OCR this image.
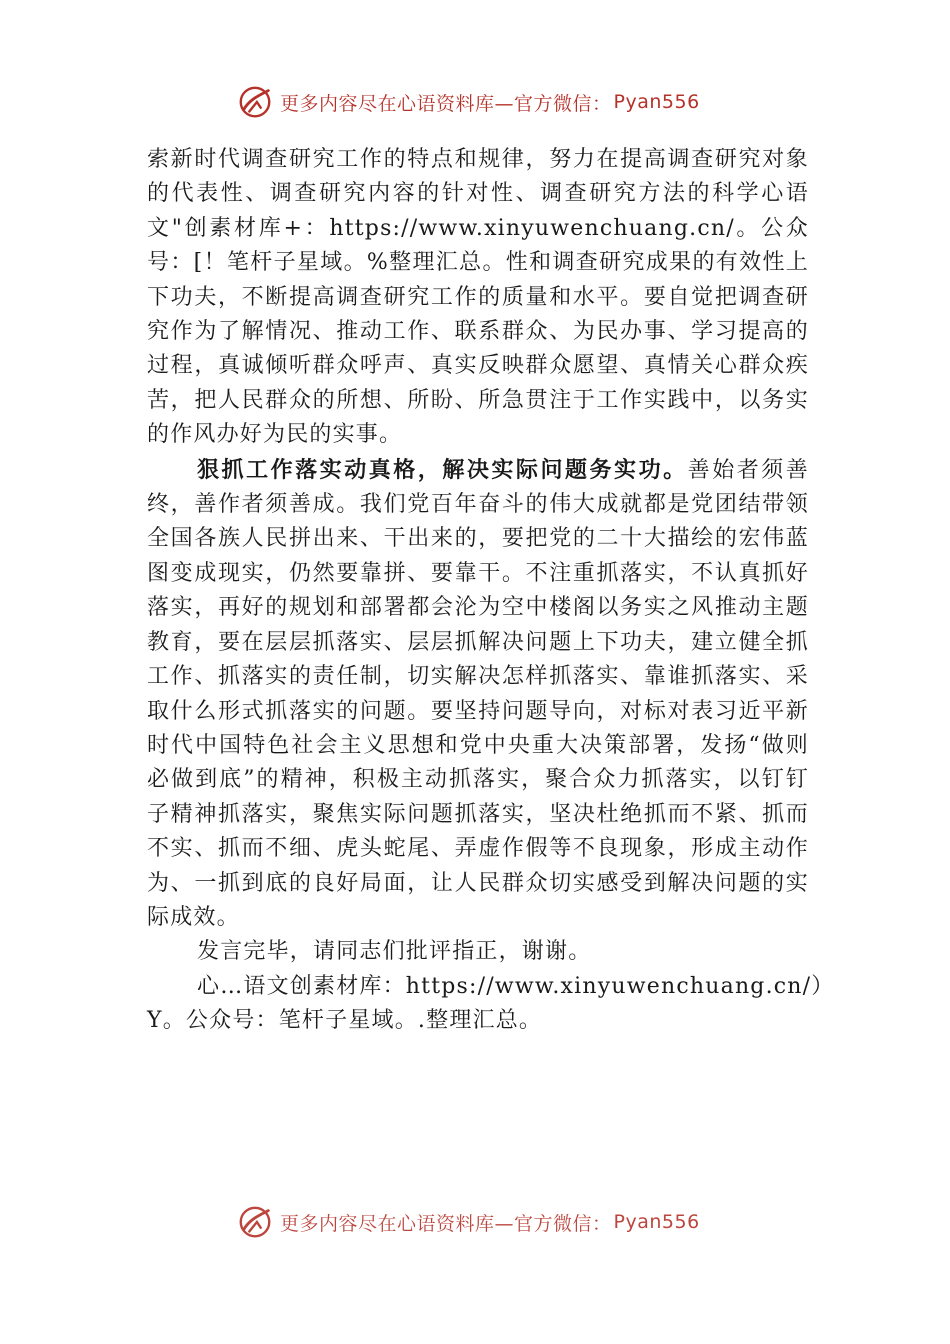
更多内容尽在心语资料库—官方微信： Pyan556

索新时代调查研究工作的特点和规律，努力在提高调查研究对象的代表性、调查研究内容的针对性、调查研究方法的科学心语文"创素材库+：https://www.xinyuwenchuang.cn/。公众号：[！笔杆子星域。%整理汇总。性和调查研究成果的有效性上下功夫，不断提高调查研究工作的质量和水平。要自觉把调查研究作为了解情况、推动工作、联系群众、为民办事、学习提高的过程，真诚倾听群众呼声、真实反映群众愿望、真情关心群众疾苦，把人民群众的所想、所盼、所急贯注于工作实践中，以务实的作风办好为民的实事。

狠抓工作落实动真格，解决实际问题务实功。善始者须善终，善作者须善成。我们党百年奋斗的伟大成就都是党团结带领全国各族人民拼出来、干出来的，要把党的二十大描绘的宏伟蓝图变成现实，仍然要靠拼、要靠干。不注重抓落实，不认真抓好落实，再好的规划和部署都会沦为空中楼阁以务实之风推动主题教育，要在层层抓落实、层层抓解决问题上下功夫，建立健全抓工作、抓落实的责任制，切实解决怎样抓落实、靠谁抓落实、采取什么形式抓落实的问题。要坚持问题导向，对标对表习近平新时代中国特色社会主义思想和党中央重大决策部署，发扬“做则必做到底”的精神，积极主动抓落实，聚合众力抓落实，以钉钉子精神抓落实，聚焦实际问题抓落实，坚决杜绝抓而不紧、抓而不实、抓而不细、虎头蛇尾、弄虚作假等不良现象，形成主动作为、一抓到底的良好局面，让人民群众切实感受到解决问题的实际成效。

发言完毕，请同志们批评指正，谢谢。

心…语文创素材库：https://www.xinyuwenchuang.cn/）

Y。公众号：笔杆子星域。.整理汇总。

更多内容尽在心语资料库—官方微信： Pyan556
